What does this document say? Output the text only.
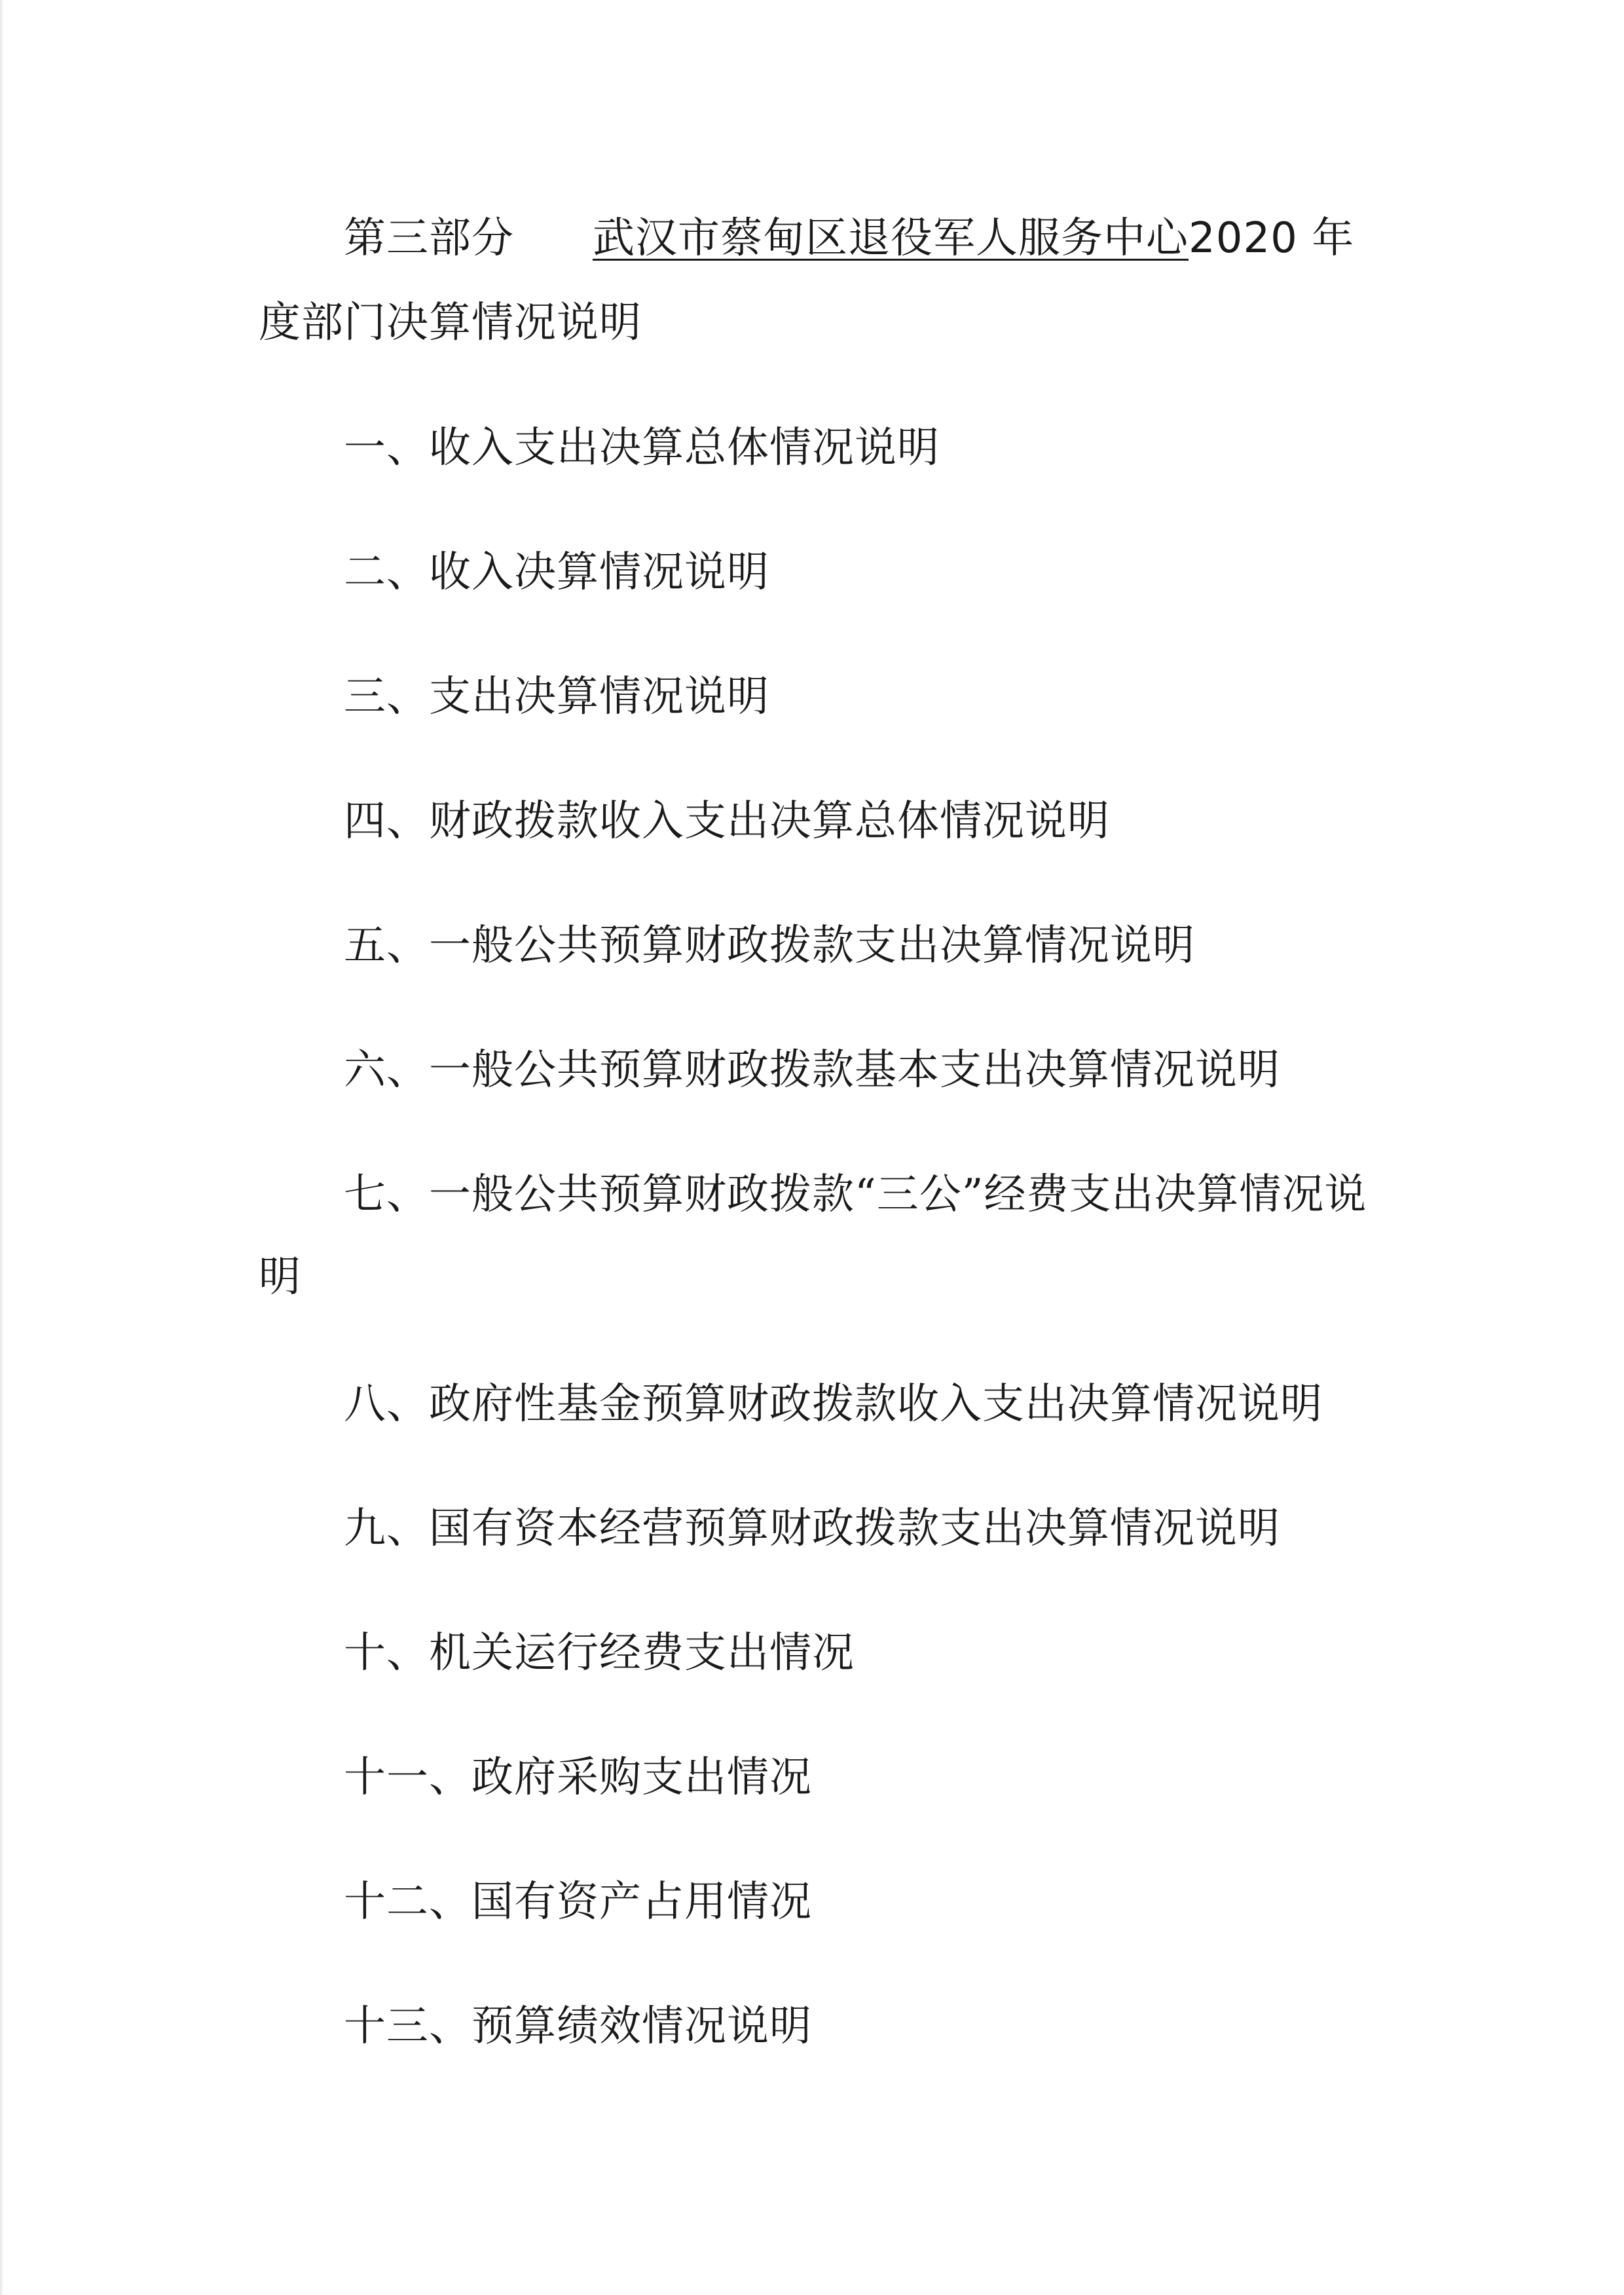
第三部分 武汉市蔡甸区退役军人服务中心2020 年
度部门决算情况说明
一、收入支出决算总体情况说明
二、收入决算情况说明
三、支出决算情况说明
四、财政拨款收入支出决算总体情况说明
五、一般公共预算财政拨款支出决算情况说明
六、一般公共预算财政拨款基本支出决算情况说明
七、一般公共预算财政拨款“三公”经费支出决算情况说
明
八、政府性基金预算财政拨款收入支出决算情况说明
九、国有资本经营预算财政拨款支出决算情况说明
十、机关运行经费支出情况
十一、政府采购支出情况
十二、国有资产占用情况
十三、预算绩效情况说明
